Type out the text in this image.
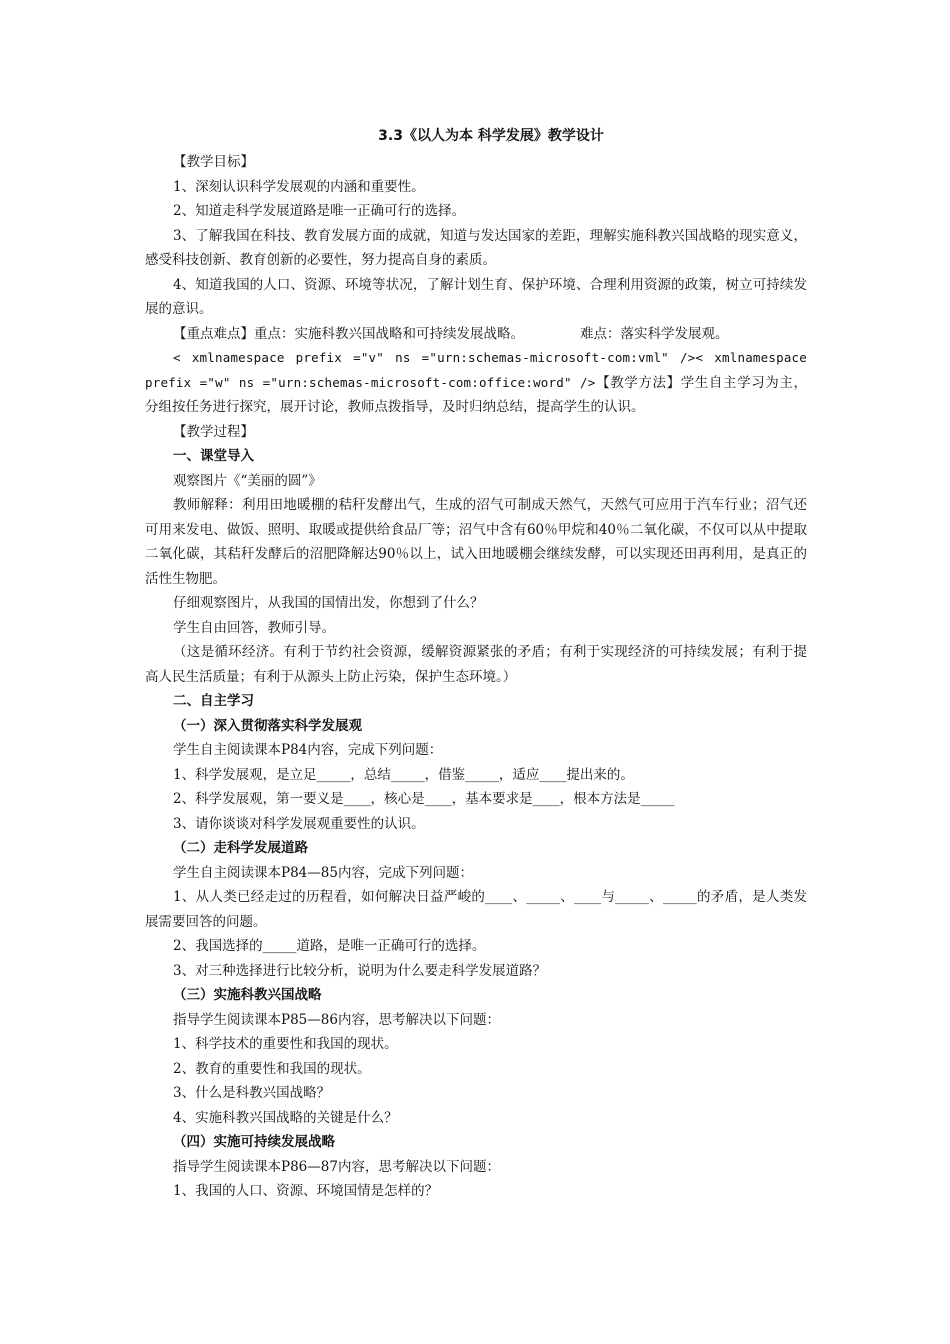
3.3《以人为本 科学发展》教学设计

【教学目标】

1、深刻认识科学发展观的内涵和重要性。

2、知道走科学发展道路是唯一正确可行的选择。

3、了解我国在科技、教育发展方面的成就，知道与发达国家的差距，理解实施科教兴国战略的现实意义，感受科技创新、教育创新的必要性，努力提高自身的素质。

4、知道我国的人口、资源、环境等状况，了解计划生育、保护环境、合理利用资源的政策，树立可持续发展的意识。

【重点难点】重点：实施科教兴国战略和可持续发展战略。	难点：落实科学发展观。

< xmlnamespace prefix ="v" ns ="urn:schemas-microsoft-com:vml" />< xmlnamespace prefix ="w" ns ="urn:schemas-microsoft-com:office:word" />【教学方法】学生自主学习为主，分组按任务进行探究，展开讨论，教师点拨指导，及时归纳总结，提高学生的认识。

【教学过程】

一、课堂导入

观察图片《“美丽的圆”》

教师解释：利用田地暖棚的秸秆发酵出气，生成的沼气可制成天然气，天然气可应用于汽车行业；沼气还可用来发电、做饭、照明、取暖或提供给食品厂等；沼气中含有60％甲烷和40％二氧化碳，不仅可以从中提取二氧化碳，其秸秆发酵后的沼肥降解达90％以上，试入田地暖棚会继续发酵，可以实现还田再利用，是真正的活性生物肥。

仔细观察图片，从我国的国情出发，你想到了什么？

学生自由回答，教师引导。

（这是循环经济。有利于节约社会资源，缓解资源紧张的矛盾；有利于实现经济的可持续发展；有利于提高人民生活质量；有利于从源头上防止污染，保护生态环境。）

二、自主学习

（一）深入贯彻落实科学发展观

学生自主阅读课本P84内容，完成下列问题：

1、科学发展观，是立足_____，总结_____，借鉴_____，适应____提出来的。

2、科学发展观，第一要义是____，核心是____，基本要求是____，根本方法是_____

3、请你谈谈对科学发展观重要性的认识。

（二）走科学发展道路

学生自主阅读课本P84—85内容，完成下列问题：

1、从人类已经走过的历程看，如何解决日益严峻的____、_____、____与_____、_____的矛盾，是人类发展需要回答的问题。

2、我国选择的_____道路，是唯一正确可行的选择。

3、对三种选择进行比较分析，说明为什么要走科学发展道路？

（三）实施科教兴国战略

指导学生阅读课本P85—86内容，思考解决以下问题：

1、科学技术的重要性和我国的现状。

2、教育的重要性和我国的现状。

3、什么是科教兴国战略？

4、实施科教兴国战略的关键是什么？

（四）实施可持续发展战略

指导学生阅读课本P86—87内容，思考解决以下问题：

1、我国的人口、资源、环境国情是怎样的？
